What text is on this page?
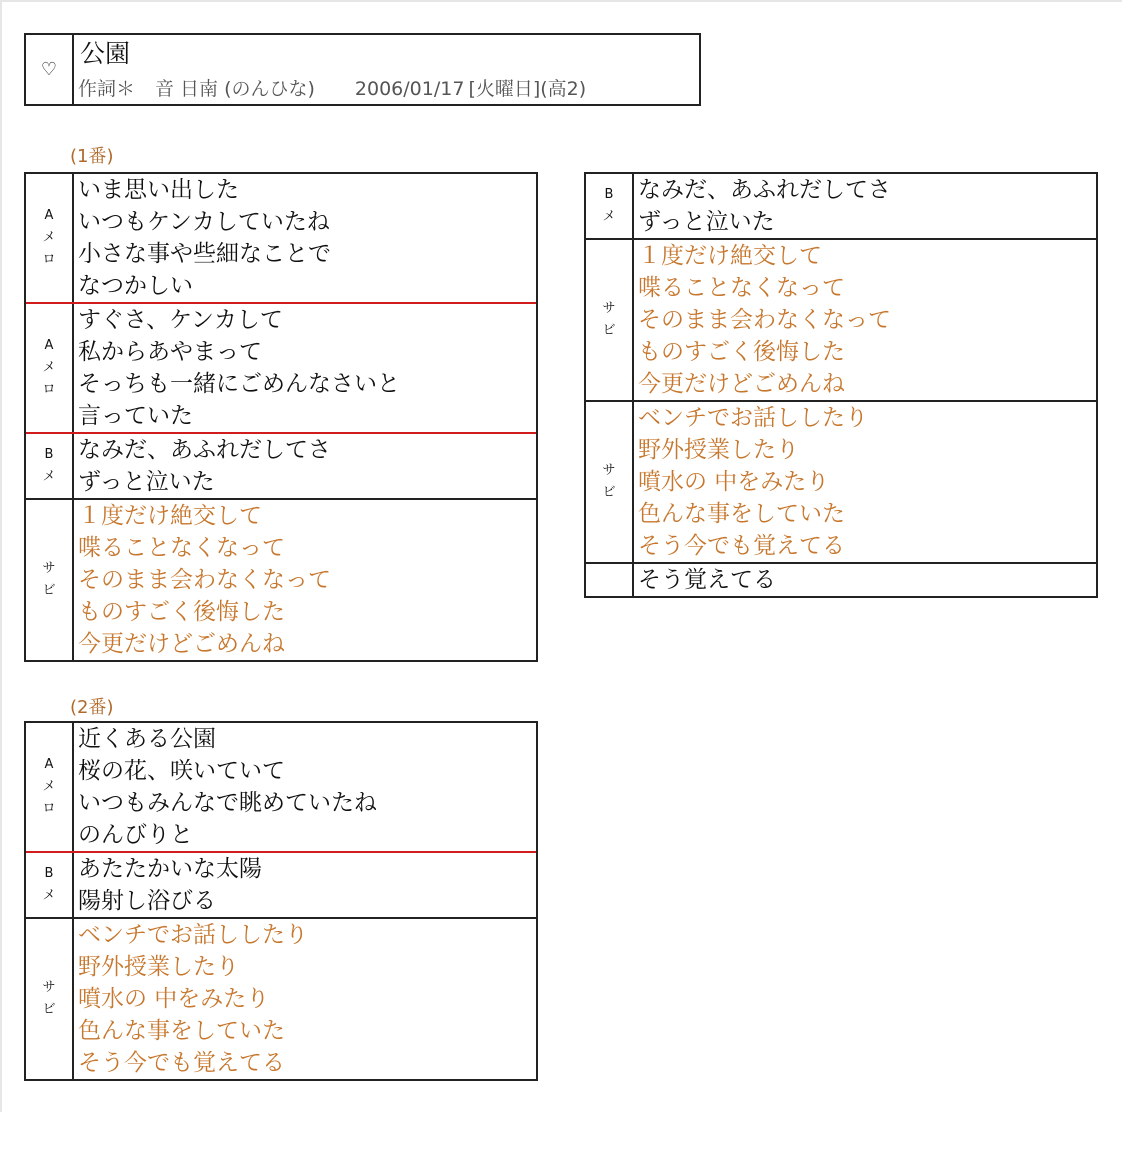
♡
公園
作詞＊ 音 日南 (のんひな) 2006/01/17 [火曜日](高2)
(1番)
A
メ
ロ
いま思い出した
いつもケンカしていたね
小さな事や些細なことで
なつかしい
A
メ
ロ
すぐさ、ケンカして
私からあやまって
そっちも一緒にごめんなさいと
言っていた
B
メ
なみだ、あふれだしてさ
ずっと泣いた
サ
ビ
１度だけ絶交して
喋ることなくなって
そのまま会わなくなって
ものすごく後悔した
今更だけどごめんね
(2番)
A
メ
ロ
近くある公園
桜の花、咲いていて
いつもみんなで眺めていたね
のんびりと
B
メ
あたたかいな太陽
陽射し浴びる
サ
ビ
ベンチでお話ししたり
野外授業したり
噴水の 中をみたり
色んな事をしていた
そう今でも覚えてる
B
メ
なみだ、あふれだしてさ
ずっと泣いた
サ
ビ
１度だけ絶交して
喋ることなくなって
そのまま会わなくなって
ものすごく後悔した
今更だけどごめんね
サ
ビ
ベンチでお話ししたり
野外授業したり
噴水の 中をみたり
色んな事をしていた
そう今でも覚えてる
そう覚えてる
